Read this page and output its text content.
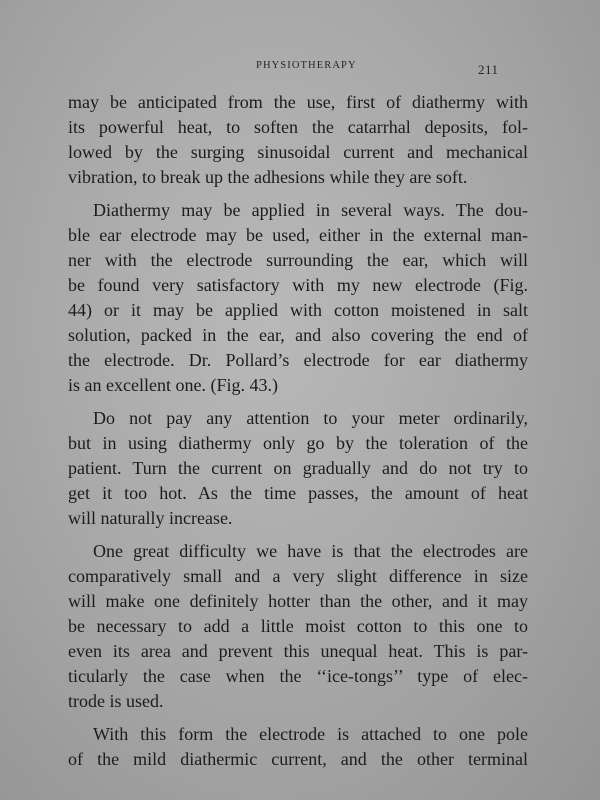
PHYSIOTHERAPY	211
may be anticipated from the use, first of diathermy with
its powerful heat, to soften the catarrhal deposits, fol-
lowed by the surging sinusoidal current and mechanical
vibration, to break up the adhesions while they are soft.
Diathermy may be applied in several ways. The dou-
ble ear electrode may be used, either in the external man-
ner with the electrode surrounding the ear, which will
be found very satisfactory with my new electrode (Fig.
44) or it may be applied with cotton moistened in salt
solution, packed in the ear, and also covering the end of
the electrode. Dr. Pollard’s electrode for ear diathermy
is an excellent one. (Fig. 43.)
Do not pay any attention to your meter ordinarily,
but in using diathermy only go by the toleration of the
patient. Turn the current on gradually and do not try to
get it too hot. As the time passes, the amount of heat
will naturally increase.
One great difficulty we have is that the electrodes are
comparatively small and a very slight difference in size
will make one definitely hotter than the other, and it may
be necessary to add a little moist cotton to this one to
even its area and prevent this unequal heat. This is par-
ticularly the case when the ‘‘ice-tongs’’ type of elec-
trode is used.
With this form the electrode is attached to one pole
of the mild diathermic current, and the other terminal
